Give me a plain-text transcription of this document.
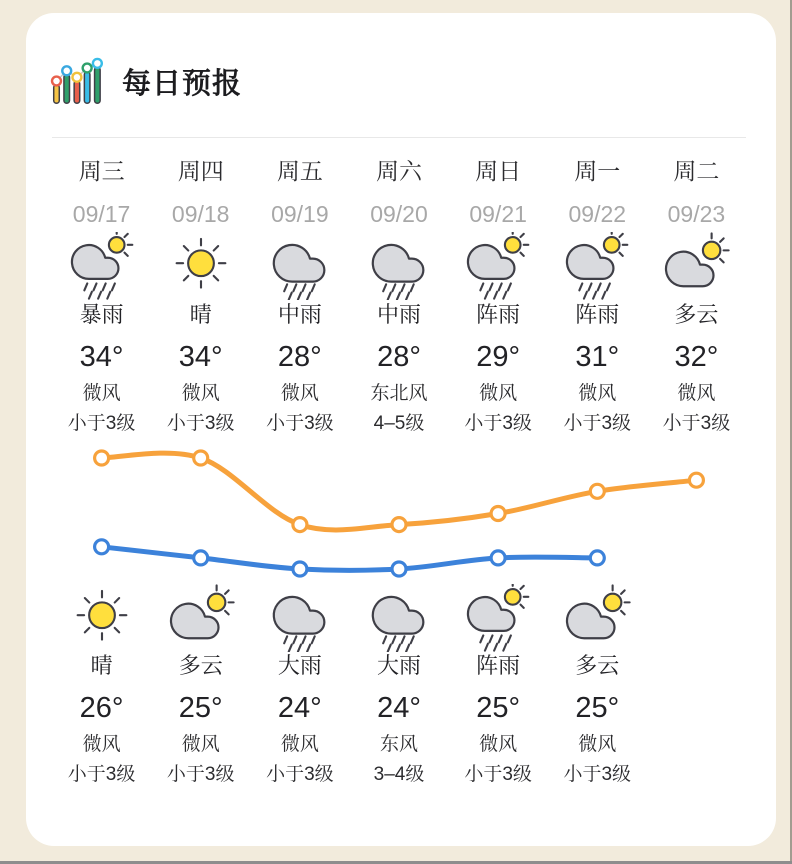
每日预报
周三
09/17
暴雨
34°
微风
小于3级
周四
09/18
晴
34°
微风
小于3级
周五
09/19
中雨
28°
微风
小于3级
周六
09/20
中雨
28°
东北风
4–5级
周日
09/21
阵雨
29°
微风
小于3级
周一
09/22
阵雨
31°
微风
小于3级
周二
09/23
多云
32°
微风
小于3级
晴
26°
微风
小于3级
多云
25°
微风
小于3级
大雨
24°
微风
小于3级
大雨
24°
东风
3–4级
阵雨
25°
微风
小于3级
多云
25°
微风
小于3级
